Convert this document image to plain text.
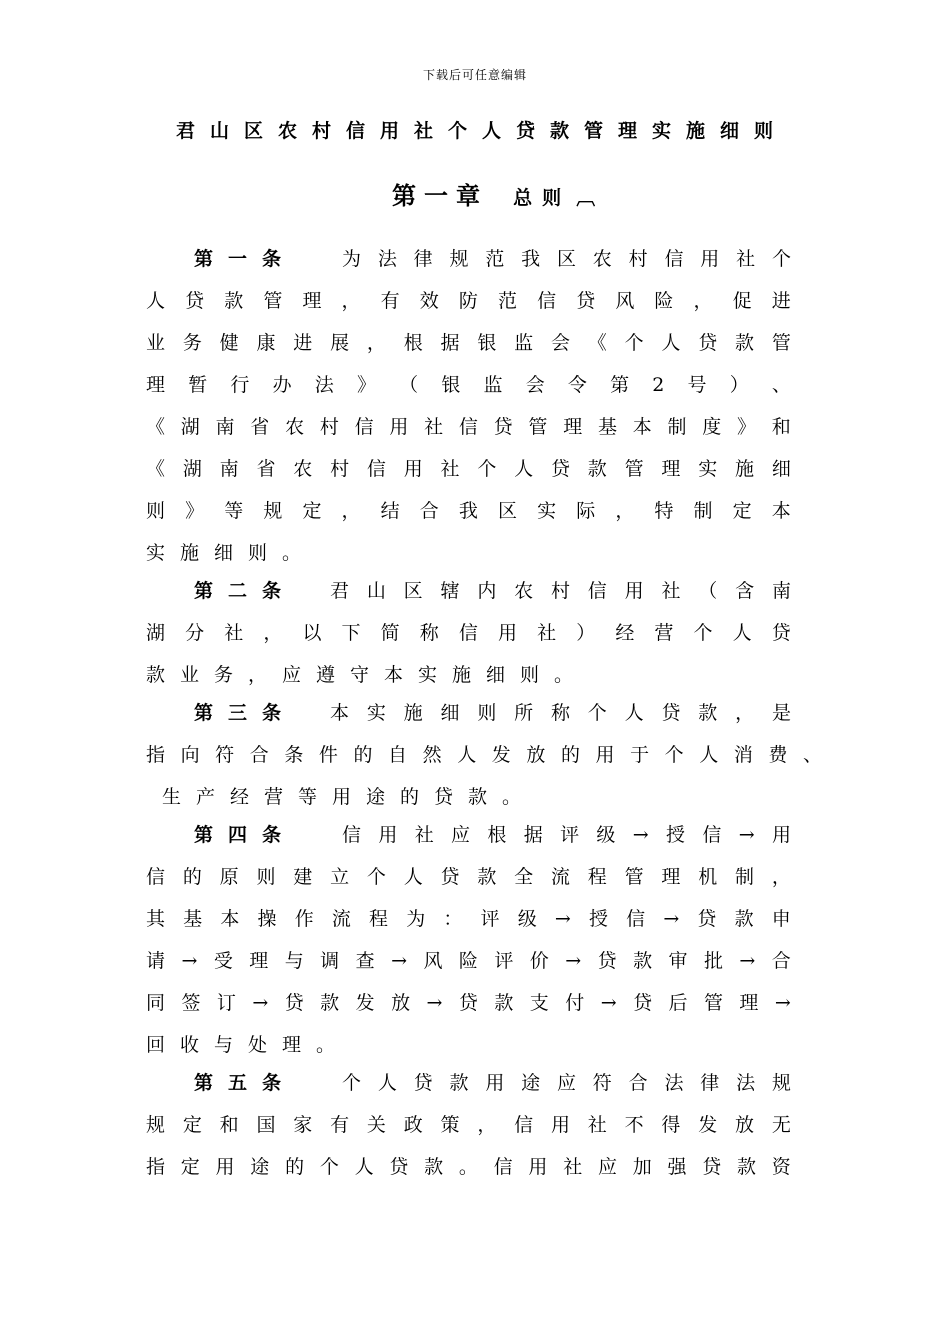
下载后可任意编辑
君山区农村信用社个人贷款管理实施细则
第一章 总则 ︹
第一条	为 法 律 规 范 我 区 农 村 信 用 社 个
人 贷 款 管 理 ， 有 效 防 范 信 贷 风 险 ， 促 进
业 务 健 康 进 展 ， 根 据 银 监 会 《 个 人 贷 款 管
理 暂 行 办 法 》 （ 银 监 会 令 第 2 号 ） 、
《 湖 南 省 农 村 信 用 社 信 贷 管 理 基 本 制 度 》 和
《 湖 南 省 农 村 信 用 社 个 人 贷 款 管 理 实 施 细
则 》 等 规 定 ， 结 合 我 区 实 际 ， 特 制 定 本
实施细则。
第二条	君 山 区 辖 内 农 村 信 用 社 （ 含 南
湖 分 社 ， 以 下 简 称 信 用 社 ） 经 营 个 人 贷
款业务，应遵守本实施细则。
第三条	本 实 施 细 则 所 称 个 人 贷 款 ， 是
指 向 符 合 条 件 的 自 然 人 发 放 的 用 于 个 人 消 费 、
生产经营等用途的贷款。
第四条	信 用 社 应 根 据 评 级 → 授 信 → 用
信 的 原 则 建 立 个 人 贷 款 全 流 程 管 理 机 制 ，
其 基 本 操 作 流 程 为 ： 评 级 → 授 信 → 贷 款 申
请 → 受 理 与 调 查 → 风 险 评 价 → 贷 款 审 批 → 合
同 签 订 → 贷 款 发 放 → 贷 款 支 付 → 贷 后 管 理 →
回收与处理。
第五条	个 人 贷 款 用 途 应 符 合 法 律 法 规
规 定 和 国 家 有 关 政 策 ， 信 用 社 不 得 发 放 无
指 定 用 途 的 个 人 贷 款 。 信 用 社 应 加 强 贷 款 资
